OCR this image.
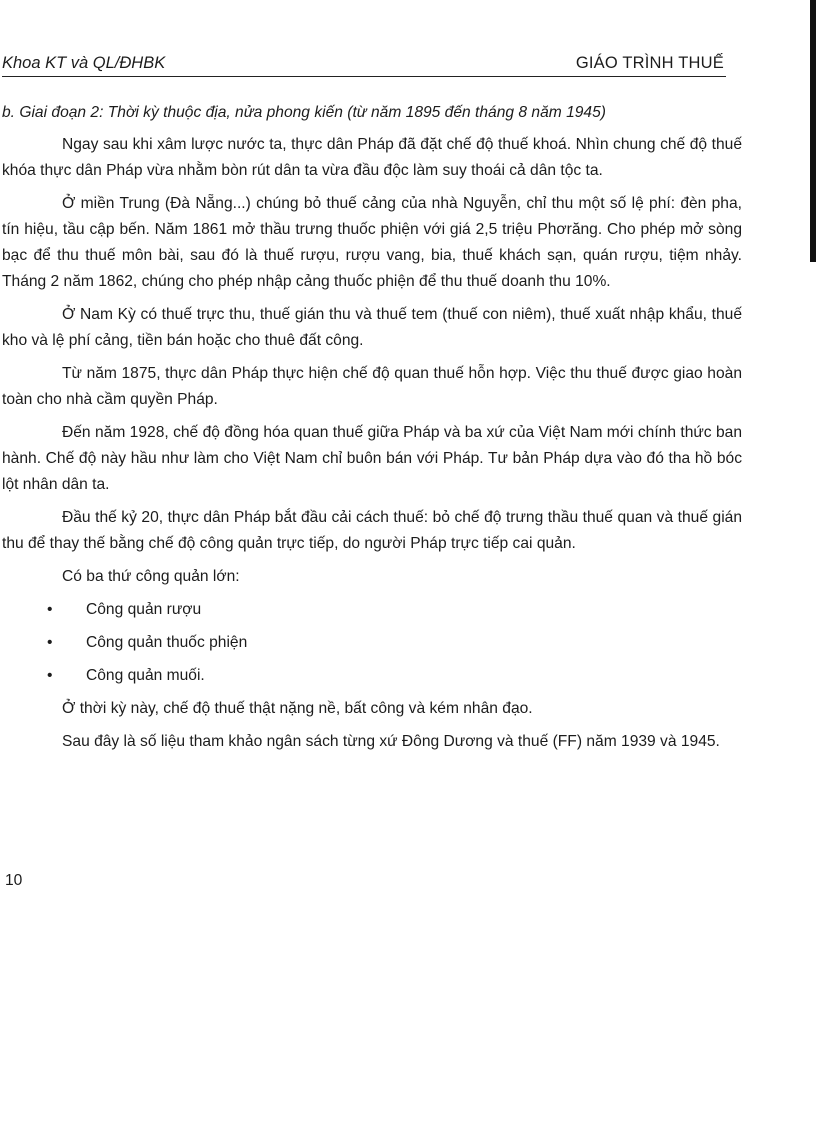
Khoa KT và QL/ĐHBK	GIÁO TRÌNH THUẾ

b. Giai đoạn 2: Thời kỳ thuộc địa, nửa phong kiến (từ năm 1895 đến tháng 8 năm 1945)

Ngay sau khi xâm lược nước ta, thực dân Pháp đã đặt chế độ thuế khoá. Nhìn chung chế độ thuế khóa thực dân Pháp vừa nhằm bòn rút dân ta vừa đầu độc làm suy thoái cả dân tộc ta.

Ở miền Trung (Đà Nẵng...) chúng bỏ thuế cảng của nhà Nguyễn, chỉ thu một số lệ phí: đèn pha, tín hiệu, tầu cập bến. Năm 1861 mở thầu trưng thuốc phiện với giá 2,5 triệu Phơrăng. Cho phép mở sòng bạc để thu thuế môn bài, sau đó là thuế rượu, rượu vang, bia, thuế khách sạn, quán rượu, tiệm nhảy. Tháng 2 năm 1862, chúng cho phép nhập cảng thuốc phiện để thu thuế doanh thu 10%.

Ở Nam Kỳ có thuế trực thu, thuế gián thu và thuế tem (thuế con niêm), thuế xuất nhập khẩu, thuế kho và lệ phí cảng, tiền bán hoặc cho thuê đất công.

Từ năm 1875, thực dân Pháp thực hiện chế độ quan thuế hỗn hợp. Việc thu thuế được giao hoàn toàn cho nhà cầm quyền Pháp.

Đến năm 1928, chế độ đồng hóa quan thuế giữa Pháp và ba xứ của Việt Nam mới chính thức ban hành. Chế độ này hầu như làm cho Việt Nam chỉ buôn bán với Pháp. Tư bản Pháp dựa vào đó tha hồ bóc lột nhân dân ta.

Đầu thế kỷ 20, thực dân Pháp bắt đầu cải cách thuế: bỏ chế độ trưng thầu thuế quan và thuế gián thu để thay thế bằng chế độ công quản trực tiếp, do người Pháp trực tiếp cai quản.

Có ba thứ công quản lớn:

• Công quản rượu
• Công quản thuốc phiện
• Công quản muối.

Ở thời kỳ này, chế độ thuế thật nặng nề, bất công và kém nhân đạo.

Sau đây là số liệu tham khảo ngân sách từng xứ Đông Dương và thuế (FF) năm 1939 và 1945.

10
